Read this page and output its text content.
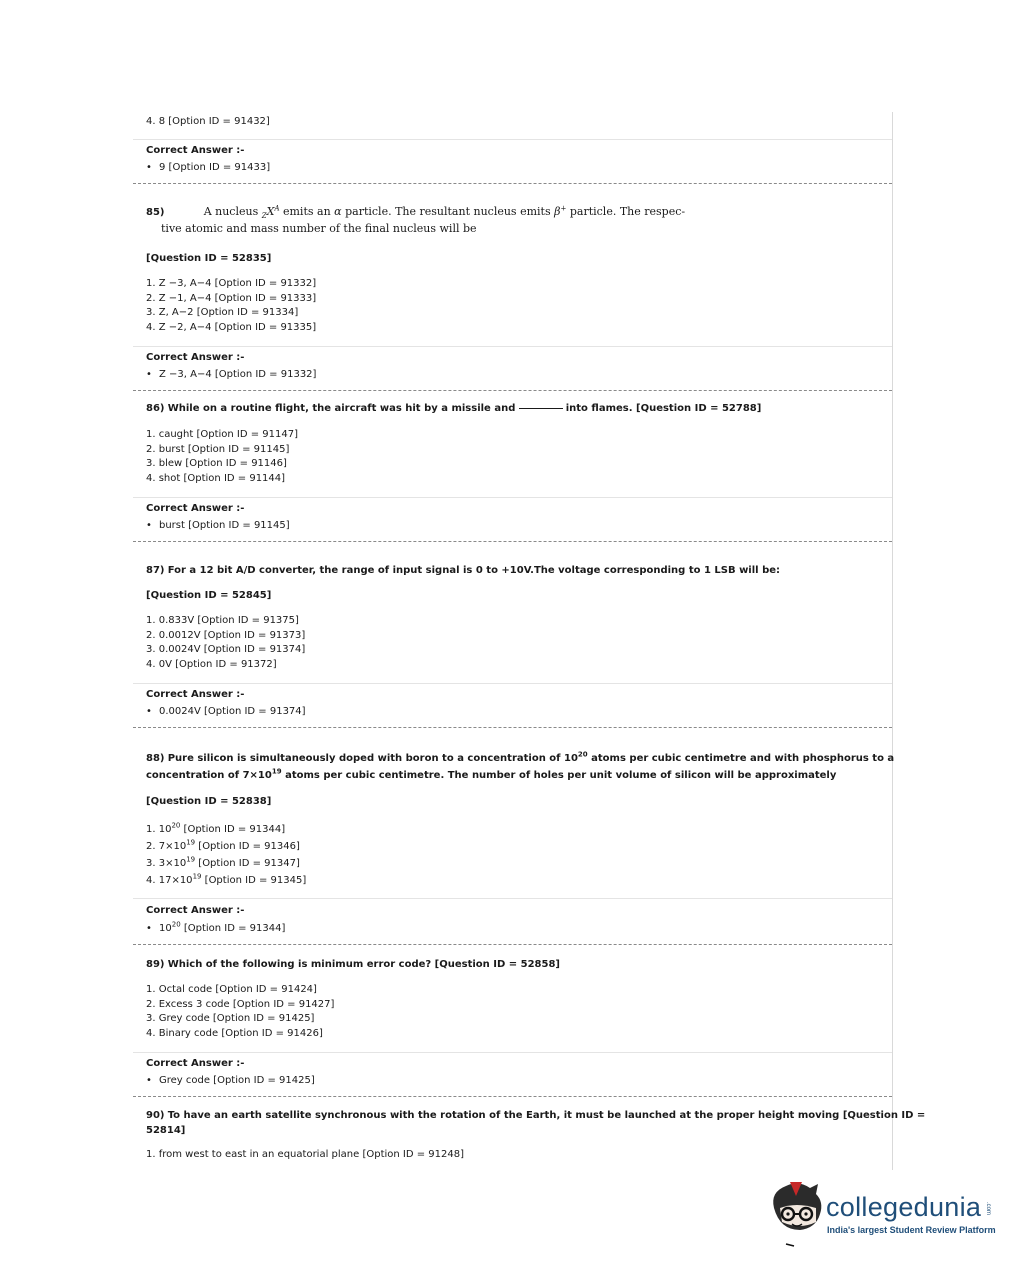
4. 8 [Option ID = 91432]
Correct Answer :-
• 9 [Option ID = 91433]
85)	A nucleus $_ZX^A$ emits an α particle. The resultant nucleus emits β+ particle. The respec-
tive atomic and mass number of the final nucleus will be
[Question ID = 52835]
1. Z −3, A−4 [Option ID = 91332]
2. Z −1, A−4 [Option ID = 91333]
3. Z, A−2 [Option ID = 91334]
4. Z −2, A−4 [Option ID = 91335]
Correct Answer :-
• Z −3, A−4 [Option ID = 91332]
86) While on a routine flight, the aircraft was hit by a missile and	into flames. [Question ID = 52788]
1. caught [Option ID = 91147]
2. burst [Option ID = 91145]
3. blew [Option ID = 91146]
4. shot [Option ID = 91144]
Correct Answer :-
• burst [Option ID = 91145]
87) For a 12 bit A/D converter, the range of input signal is 0 to +10V.The voltage corresponding to 1 LSB will be:
[Question ID = 52845]
1. 0.833V [Option ID = 91375]
2. 0.0012V [Option ID = 91373]
3. 0.0024V [Option ID = 91374]
4. 0V [Option ID = 91372]
Correct Answer :-
• 0.0024V [Option ID = 91374]
88) Pure silicon is simultaneously doped with boron to a concentration of $10^{20}$ atoms per cubic centimetre and with phosphorus to a
concentration of $7\times 10^{19}$ atoms per cubic centimetre. The number of holes per unit volume of silicon will be approximately
[Question ID = 52838]
1. $10^{20}$ [Option ID = 91344]
2. $7\times 10^{19}$ [Option ID = 91346]
3. $3\times 10^{19}$ [Option ID = 91347]
4. $17\times 10^{19}$ [Option ID = 91345]
Correct Answer :-
• $10^{20}$ [Option ID = 91344]
89) Which of the following is minimum error code? [Question ID = 52858]
1. Octal code [Option ID = 91424]
2. Excess 3 code [Option ID = 91427]
3. Grey code [Option ID = 91425]
4. Binary code [Option ID = 91426]
Correct Answer :-
• Grey code [Option ID = 91425]
90) To have an earth satellite synchronous with the rotation of the Earth, it must be launched at the proper height moving [Question ID =
52814]
1. from west to east in an equatorial plane [Option ID = 91248]
collegedunia .com
India's largest Student Review Platform
